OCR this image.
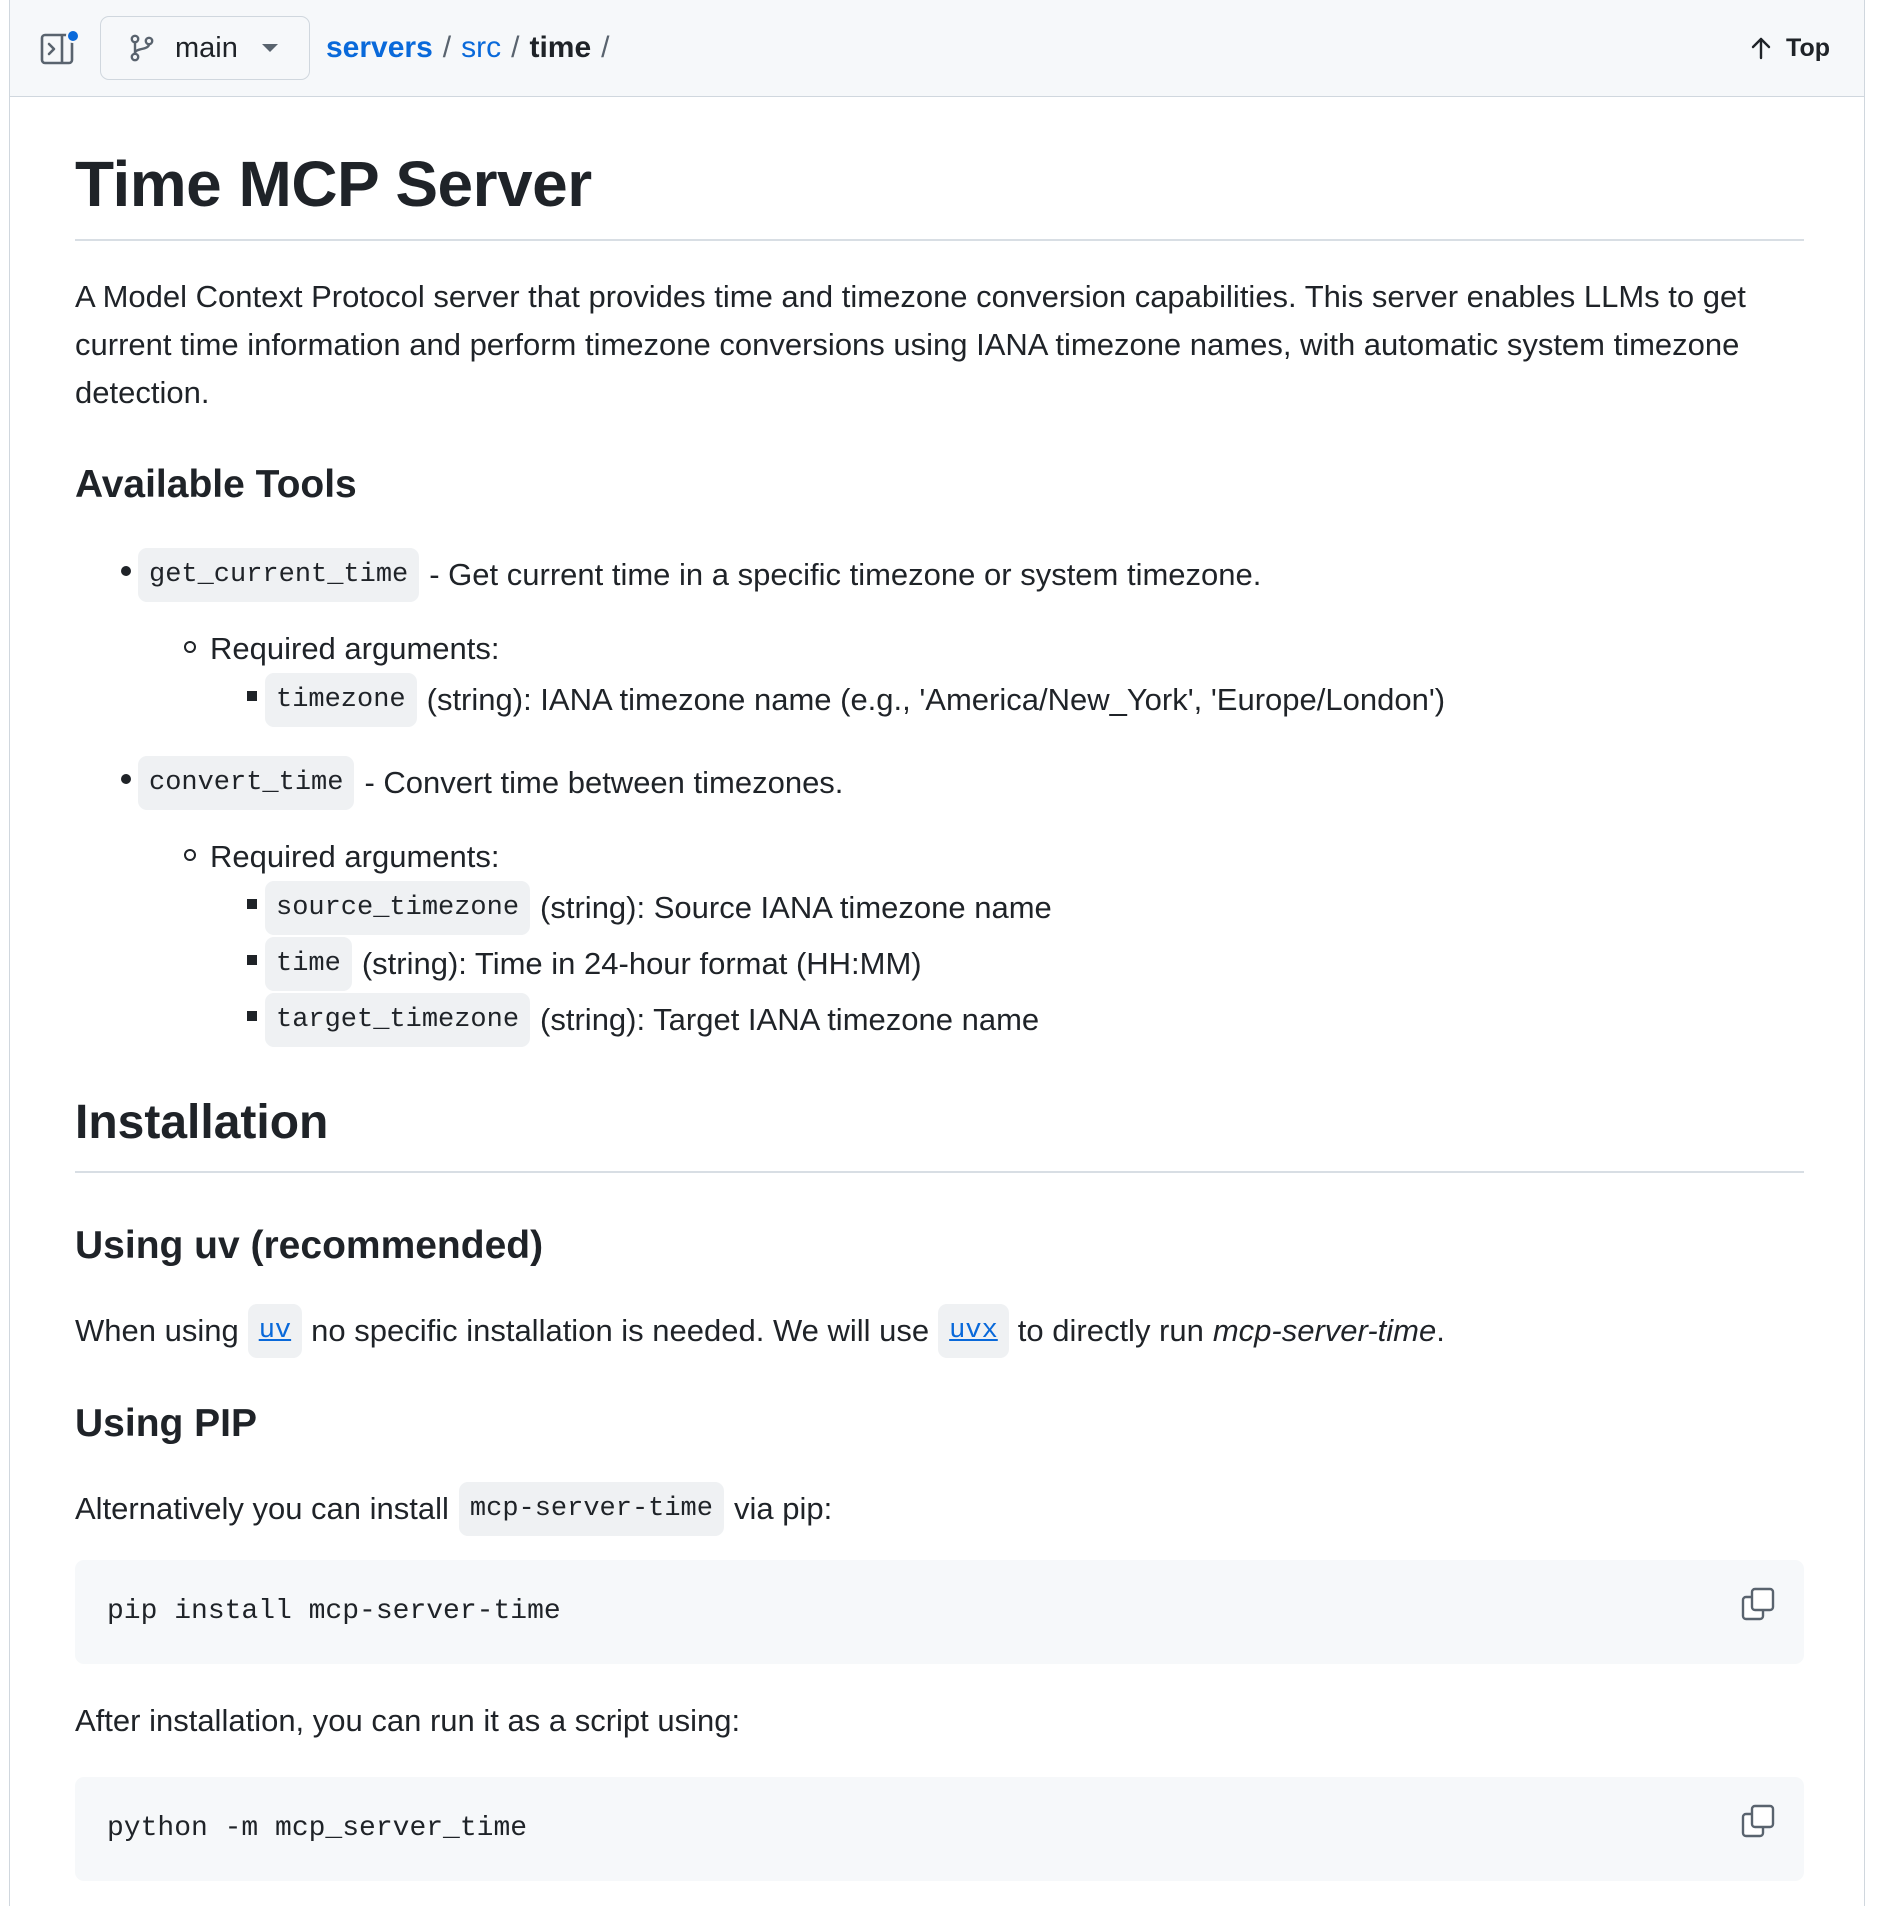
main	servers / src / time /	Top
Time MCP Server

A Model Context Protocol server that provides time and timezone conversion capabilities. This server enables LLMs to get current time information and perform timezone conversions using IANA timezone names, with automatic system timezone detection.

Available Tools
get_current_time - Get current time in a specific timezone or system timezone.
Required arguments:
timezone (string): IANA timezone name (e.g., 'America/New_York', 'Europe/London')
convert_time - Convert time between timezones.
Required arguments:
source_timezone (string): Source IANA timezone name
time (string): Time in 24-hour format (HH:MM)
target_timezone (string): Target IANA timezone name
Installation
Using uv (recommended)
When using uv no specific installation is needed. We will use uvx to directly run mcp-server-time .
Using PIP
Alternatively you can install mcp-server-time via pip:
pip install mcp-server-time

After installation, you can run it as a script using:

python -m mcp_server_time
